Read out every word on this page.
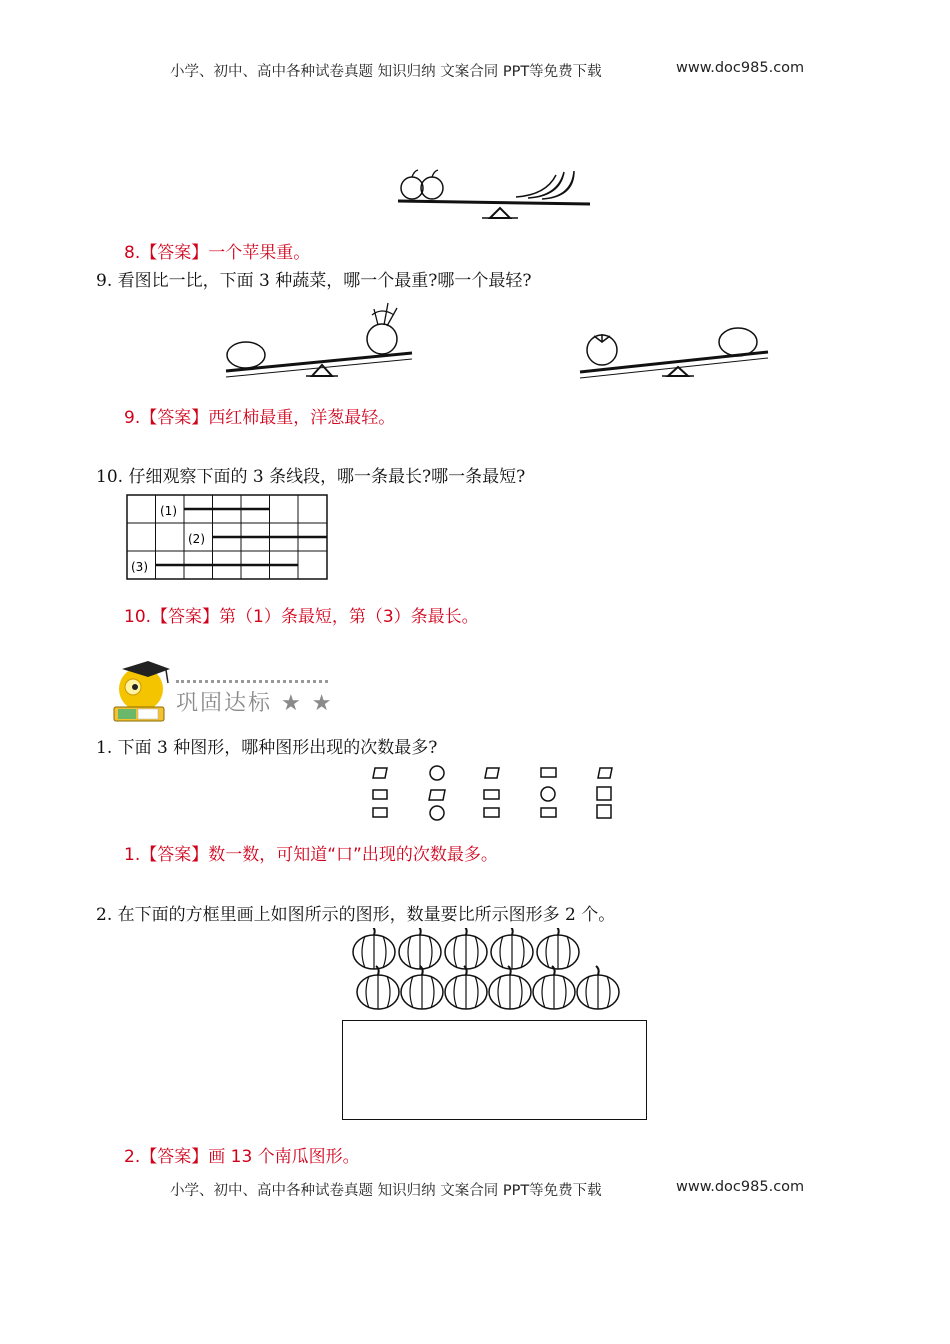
小学、初中、高中各种试卷真题 知识归纳 文案合同 PPT等免费下载	www.doc985.com
8.【答案】一个苹果重。
9. 看图比一比，下面 3 种蔬菜，哪一个最重?哪一个最轻?
9.【答案】西红柿最重，洋葱最轻。
10. 仔细观察下面的 3 条线段，哪一条最长?哪一条最短?
(1)
(2)
(3)
10.【答案】第（1）条最短，第（3）条最长。
巩固达标 ★ ★
1. 下面 3 种图形，哪种图形出现的次数最多?
1.【答案】数一数，可知道“口”出现的次数最多。
2. 在下面的方框里画上如图所示的图形，数量要比所示图形多 2 个。
2.【答案】画 13 个南瓜图形。
小学、初中、高中各种试卷真题 知识归纳 文案合同 PPT等免费下载	www.doc985.com
